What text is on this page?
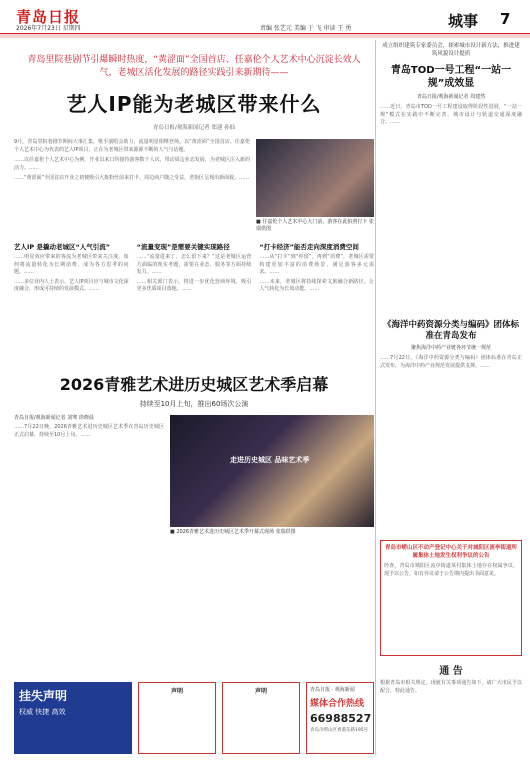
青岛日报
2026年7月23日 星期四	责编 张艺元 美编 于 飞 审读 王 勇	城事 7
青岛里院巷剧节引爆瞬时热度，“黄涩面”全国首店、任嘉伦个人艺术中心沉淀长效人气，老城区活化发展的路径实践引来新期待——
艺人IP能为老城区带来什么
青岛日报/观海新闻记者 郑建 孙仙

9月，青岛里院巷剧节期间大事汇集，歌手演唱会助力，流量明星相继登场。以“黄涩面”全国首店、任嘉伦个人艺术中心为代表的艺人IP项目，正在为老城区带来源源不断的人气与话题。

……以任嘉伦个人艺术中心为例，开业以来日均接待游客数千人次，带动周边业态发展，为老城区注入新的活力。……

……“黄涩面”全国首店开业之初便吸引大批粉丝前来打卡，周边商户随之受益，老街区呈现出新面貌。……

■ 任嘉伦个人艺术中心大门前，游客在此拍照打卡 张瑞供图
艺人IP 是撬动老城区“人气引流”

……明星效应带来的客流为老城区带来关注度，如何将流量转化为长期消费，成为各方思考的问题。……

……多位业内人士表示，艺人IP项目应与城市文化深度融合，形成可持续的发展模式。……

“流量变现”是需要关键实现路径

……“流量进来了，怎么留下来？”这是老城区运营方面临的现实考题，需要在业态、服务等方面持续发力。……

……相关部门表示，将进一步优化营商环境，吸引更多优质项目落地。……

“打卡经济”能否走向深度消费空间

……从“打卡”到“停留”，再到“消费”，老城区需要构建更加丰富的消费场景，满足游客多元需求。……

……未来，老城区将持续探索文旅融合新路径，让人气转化为长效动能。……

2026青雅艺术进历史城区艺术季启幕
持续至10月上旬，推出60场次公演
青岛日报/观海新闻记者 刘骞 徐晓晨

……7月22日晚，2026青雅艺术进历史城区艺术季在青岛历史城区正式启幕，持续至10月上旬。……

走进历史城区 品味艺术季
■ 2026青雅艺术进历史城区艺术季开幕式现场 张瑞供图
成立组织建筑专家委员会，探索城市设计新方法，推进建筑风貌设计提质
青岛TOD一号工程“一站一规”成效显
青岛日报/观海新闻记者 周建然

……近日，青岛市TOD一号工程建设取得阶段性进展，“一站一规”模式在实践中不断完善，城市设计与轨道交通深度融合。……

《海洋中药资源分类与编码》团体标准在青岛发布
聚焦海洋中药产业链各环节统一规范

……7月22日，《海洋中药资源分类与编码》团体标准在青岛正式发布，为海洋中药产业规范发展提供支撑。……

青岛市崂山区不动产登记中心关于对城阳区流亭街道所属集体土地发生权利争议的公告

经查，青岛市城阳区流亭街道某村集体土地存在权属争议，现予以公告，如有异议请于公告期内提出书面意见。

通 告

根据青岛市相关规定，现就有关事项通告如下，请广大市民予以配合，特此通告。

挂失声明
权威 快捷 高效
声明	声明	青岛日报 · 观海新闻
媒体合作热线
66988527
青岛市崂山区香港东路195号
